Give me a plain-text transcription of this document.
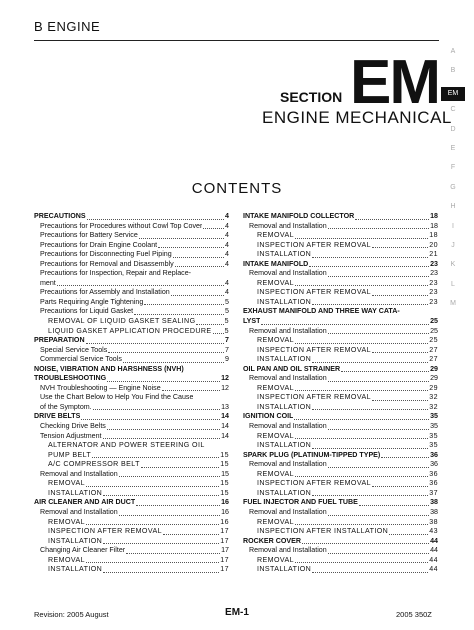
B ENGINE
SECTION EM
ENGINE MECHANICAL
CONTENTS
PRECAUTIONS	4
Precautions for Procedures without Cowl Top Cover	4
Precautions for Battery Service	4
Precautions for Drain Engine Coolant	4
Precautions for Disconnecting Fuel Piping	4
Precautions for Removal and Disassembly	4
Precautions for Inspection, Repair and Replace-
ment	4
Precautions for Assembly and Installation	4
Parts Requiring Angle Tightening	5
Precautions for Liquid Gasket	5
REMOVAL OF LIQUID GASKET SEALING	5
LIQUID GASKET APPLICATION PROCEDURE 5
PREPARATION	7
Special Service Tools	7
Commercial Service Tools	9
NOISE, VIBRATION AND HARSHNESS (NVH)
TROUBLESHOOTING	12
NVH Troubleshooting — Engine Noise	12
Use the Chart Below to Help You Find the Cause
of the Symptom.	13
DRIVE BELTS	14
Checking Drive Belts	14
Tension Adjustment	14
ALTERNATOR AND POWER STEERING OIL
PUMP BELT	15
A/C COMPRESSOR BELT	15
Removal and Installation	15
REMOVAL	15
INSTALLATION	15
AIR CLEANER AND AIR DUCT	16
Removal and Installation	16
REMOVAL	16
INSPECTION AFTER REMOVAL	17
INSTALLATION	17
Changing Air Cleaner Filter	17
REMOVAL	17
INSTALLATION	17
INTAKE MANIFOLD COLLECTOR	18
Removal and Installation	18
REMOVAL	18
INSPECTION AFTER REMOVAL	20
INSTALLATION	21
INTAKE MANIFOLD	23
Removal and Installation	23
REMOVAL	23
INSPECTION AFTER REMOVAL	23
INSTALLATION	23
EXHAUST MANIFOLD AND THREE WAY CATA-
LYST	25
Removal and Installation	25
REMOVAL	25
INSPECTION AFTER REMOVAL	27
INSTALLATION	27
OIL PAN AND OIL STRAINER	29
Removal and Installation	29
REMOVAL	29
INSPECTION AFTER REMOVAL	32
INSTALLATION	32
IGNITION COIL	35
Removal and Installation	35
REMOVAL	35
INSTALLATION	35
SPARK PLUG (PLATINUM-TIPPED TYPE)	36
Removal and Installation	36
REMOVAL	36
INSPECTION AFTER REMOVAL	36
INSTALLATION	37
FUEL INJECTOR AND FUEL TUBE	38
Removal and Installation	38
REMOVAL	38
INSPECTION AFTER INSTALLATION	43
ROCKER COVER	44
Removal and Installation	44
REMOVAL	44
INSTALLATION	44
A
B
EM
C
D
E
F
G
H
I
J
K
L
M
Revision: 2005 August	EM-1	2005 350Z
